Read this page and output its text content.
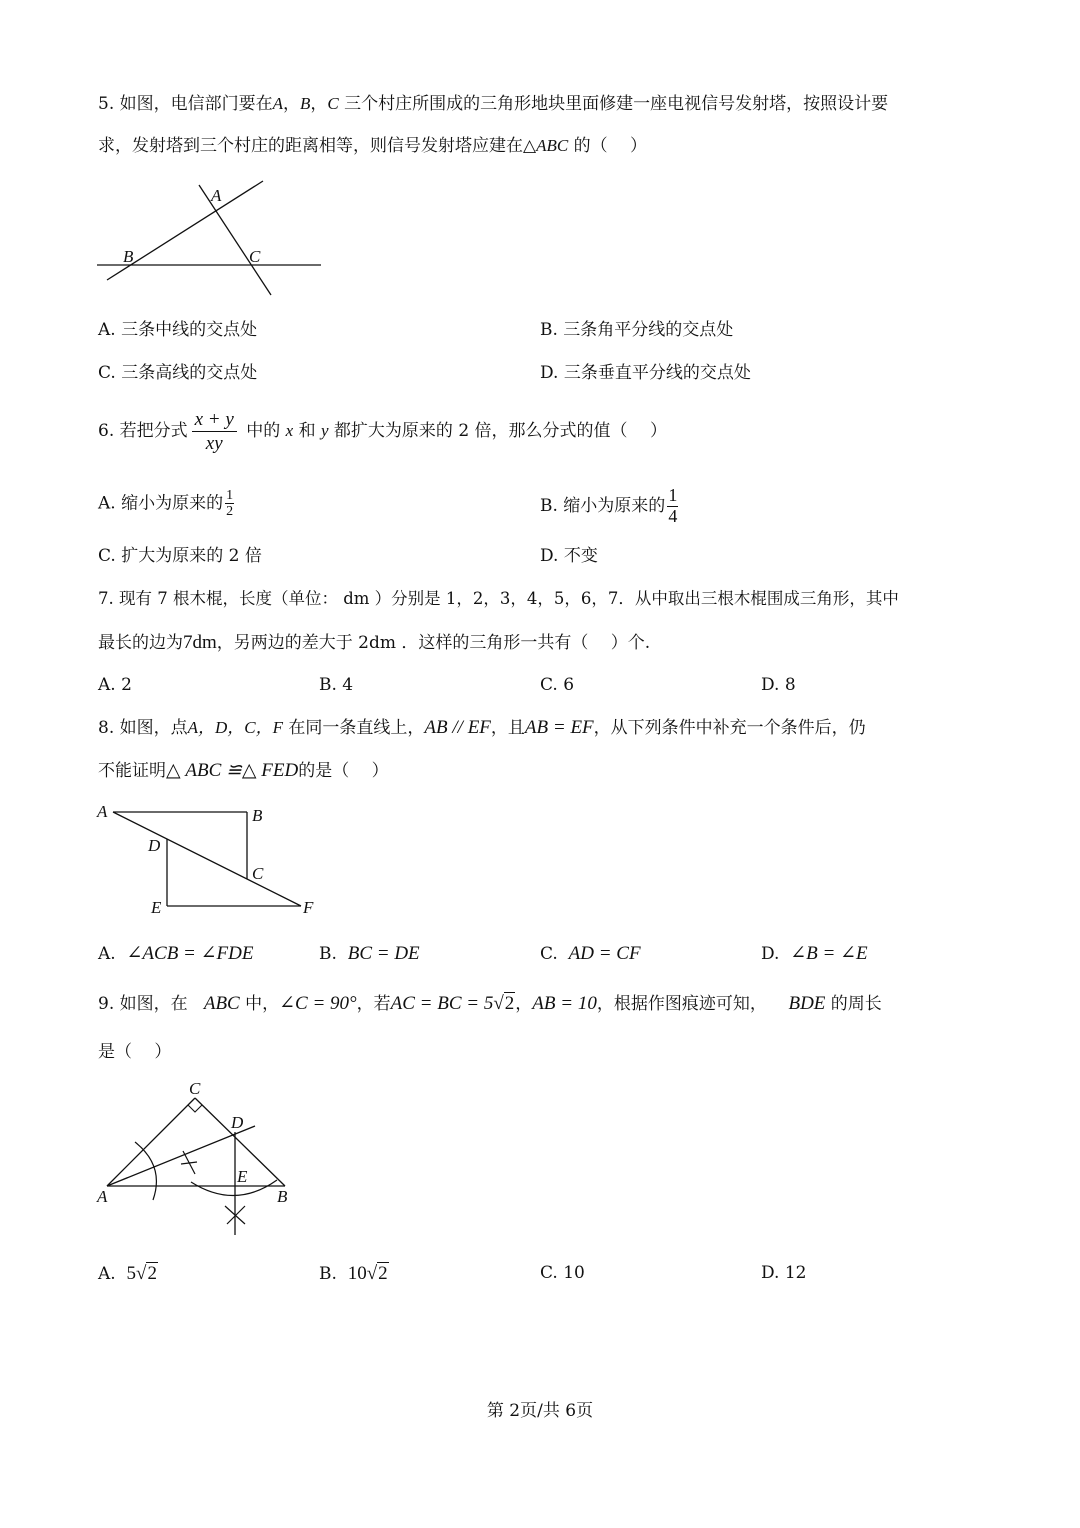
5. 如图，电信部门要在A，B，C 三个村庄所围成的三角形地块里面修建一座电视信号发射塔，按照设计要
求，发射塔到三个村庄的距离相等，则信号发射塔应建在△ABC 的（　 ）
A
B	C
A. 三条中线的交点处	B. 三条角平分线的交点处
C. 三条高线的交点处	D. 三条垂直平分线的交点处
6. 若把分式 $\frac{x + y}{xy}$ 中的 x 和 y 都扩大为原来的 2 倍，那么分式的值（　 ）
A. 缩小为原来的 $\frac{1}{2}$	B. 缩小为原来的 $\frac{1}{4}$
C. 扩大为原来的 2 倍	D. 不变
7. 现有 7 根木棍，长度（单位： dm ）分别是 1，2，3，4，5，6，7．从中取出三根木棍围成三角形，其中
最长的边为7dm，另两边的差大于 2dm ．这样的三角形一共有（　 ）个.
A. 2	B. 4	C. 6	D. 8
8. 如图，点A，D，C，F 在同一条直线上，AB // EF，且AB = EF，从下列条件中补充一个条件后，仍
不能证明△ ABC ≌△ FED的是（　 ）
A	B
D
C
E	F
A. ∠ACB = ∠FDE	B. BC = DE	C. AD = CF	D. ∠B = ∠E
9. 如图，在 ABC 中，∠C = 90°，若AC = BC = 5√2，AB = 10，根据作图痕迹可知， BDE 的周长
是（　 ）
C
D
E
A	B
A. 5√2	B. 10√2	C. 10	D. 12
第 2页/共 6页
